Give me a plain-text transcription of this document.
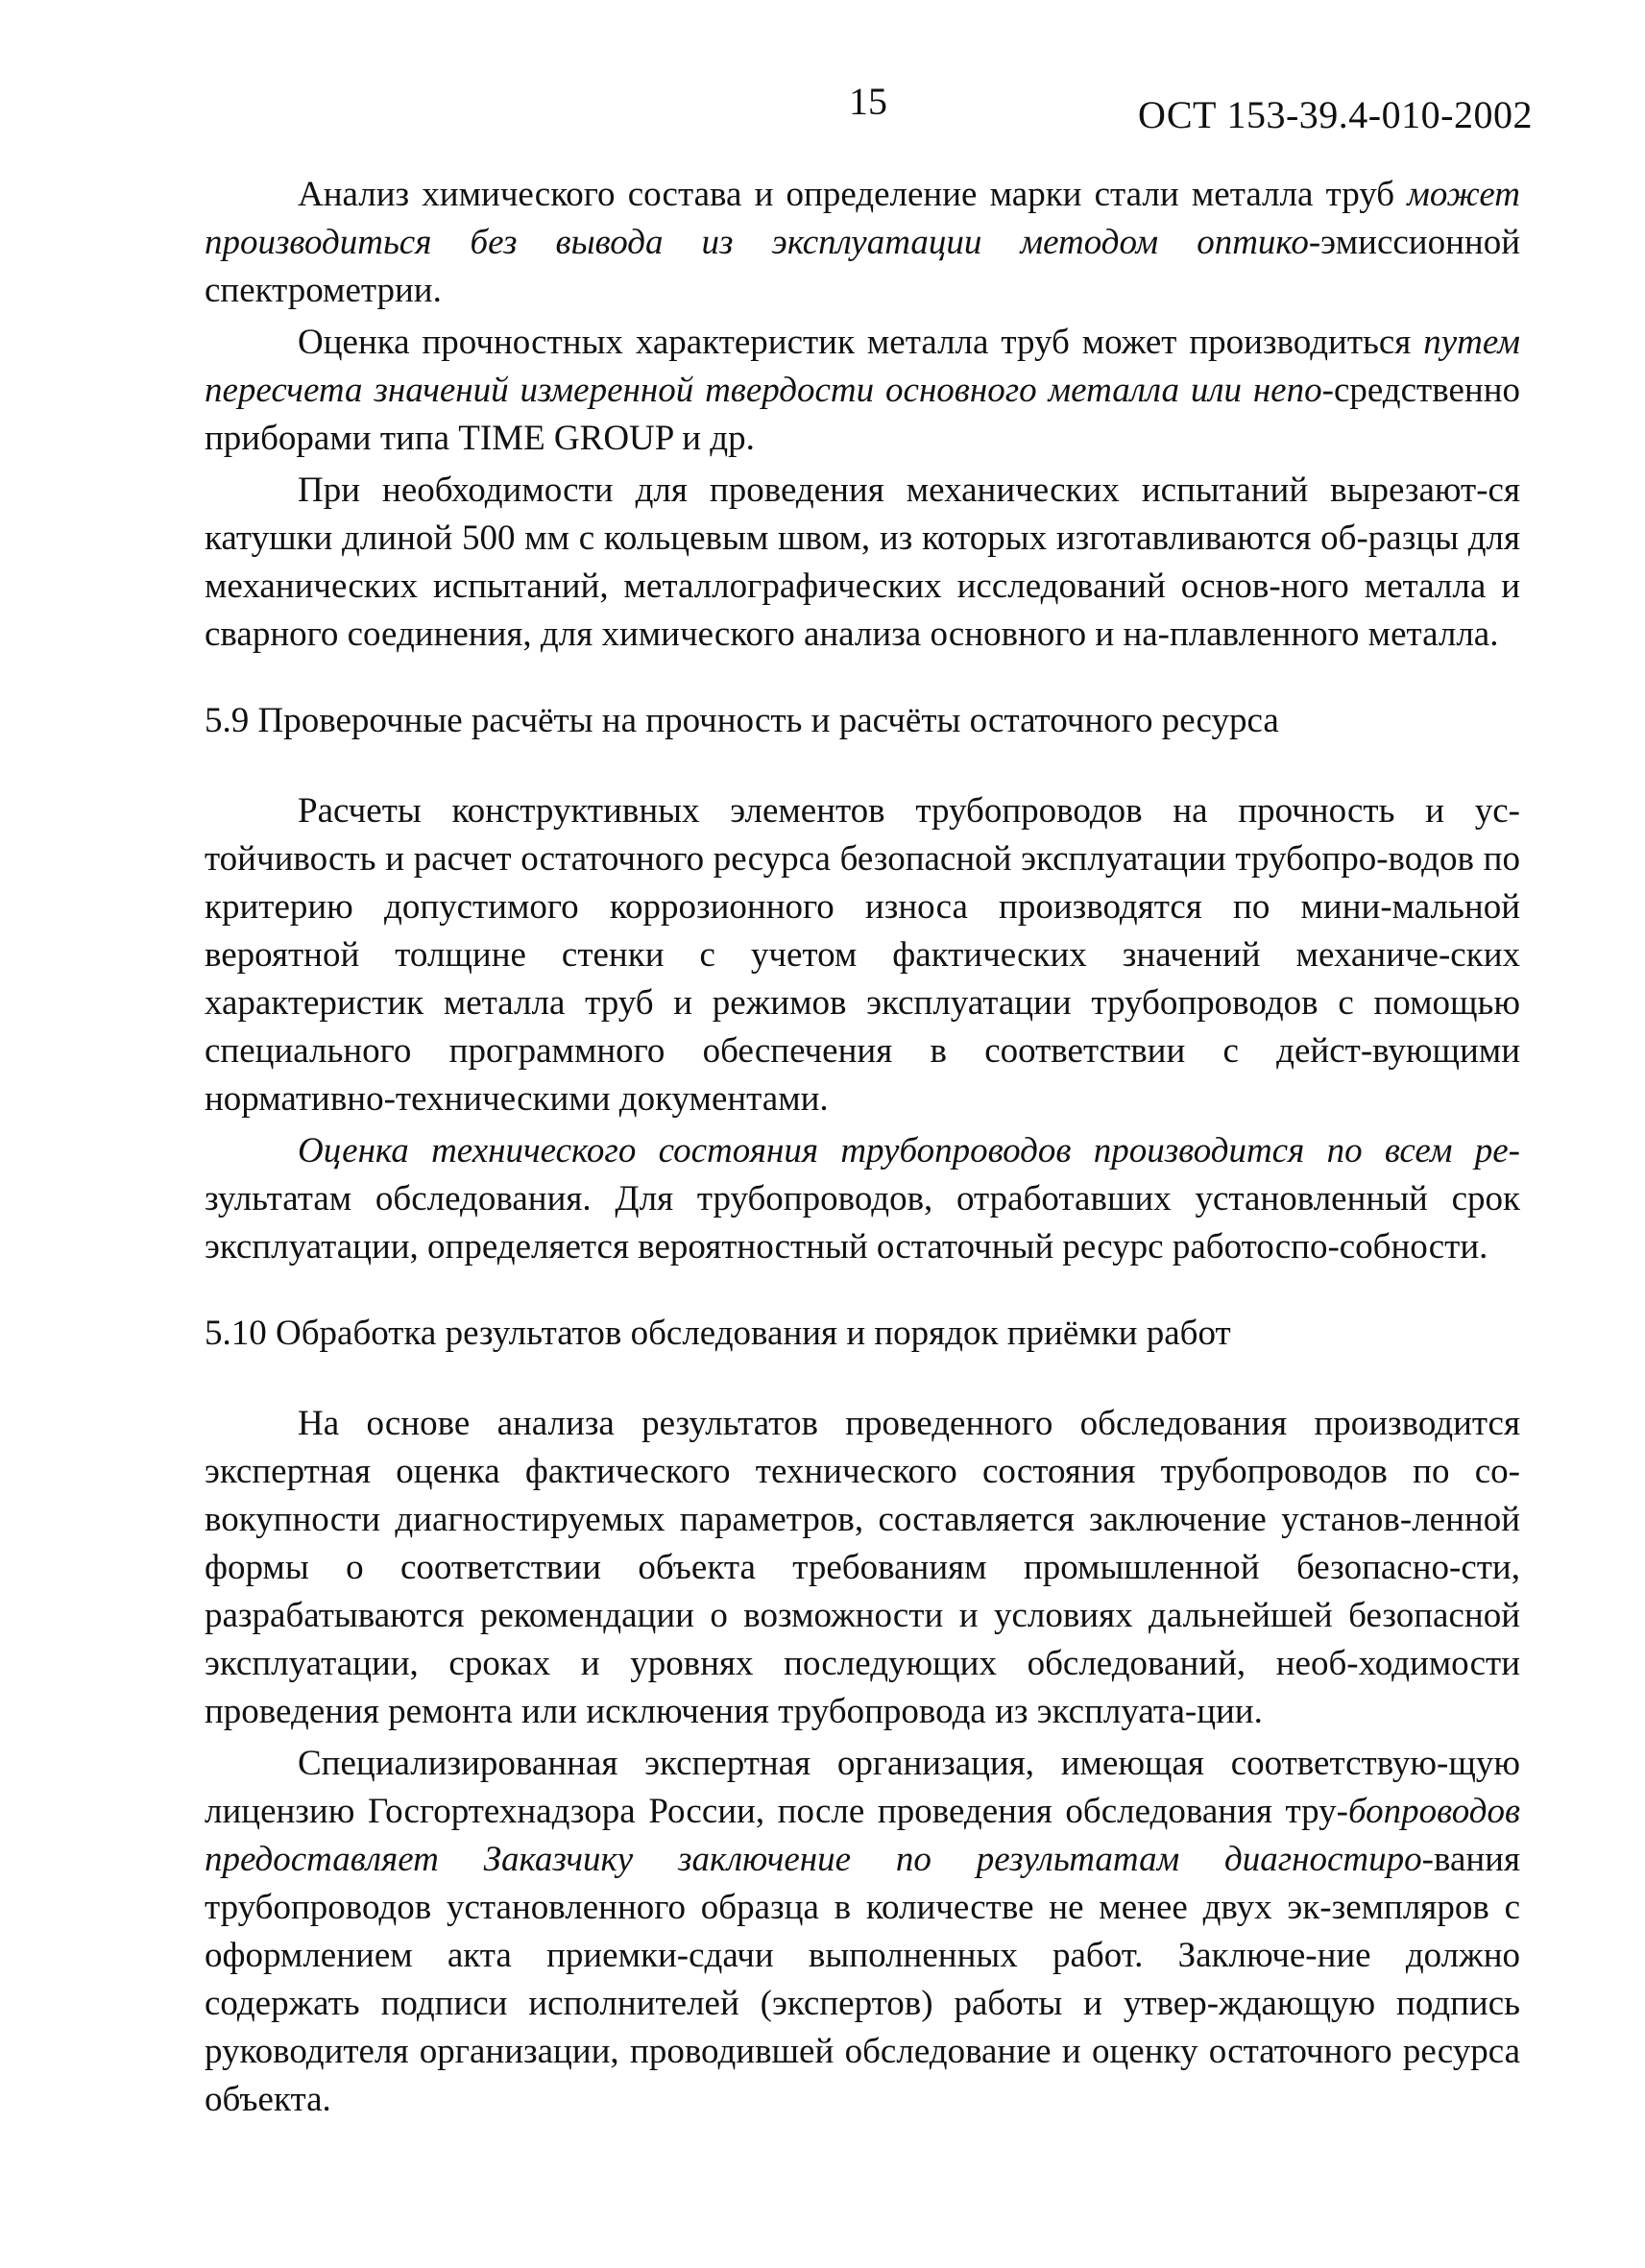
15	ОСТ 153-39.4-010-2002

Анализ химического состава и определение марки стали металла труб может производиться без вывода из эксплуатации методом оптико-эмиссионной спектрометрии.

Оценка прочностных характеристик металла труб может производиться путем пересчета значений измеренной твердости основного металла или непо-средственно приборами типа TIME GROUP и др.

При необходимости для проведения механических испытаний вырезают-ся катушки длиной 500 мм с кольцевым швом, из которых изготавливаются об-разцы для механических испытаний, металлографических исследований основ-ного металла и сварного соединения, для химического анализа основного и на-плавленного металла.

5.9 Проверочные расчёты на прочность и расчёты остаточного ресурса

Расчеты конструктивных элементов трубопроводов на прочность и ус-тойчивость и расчет остаточного ресурса безопасной эксплуатации трубопро-водов по критерию допустимого коррозионного износа производятся по мини-мальной вероятной толщине стенки с учетом фактических значений механиче-ских характеристик металла труб и режимов эксплуатации трубопроводов с помощью специального программного обеспечения в соответствии с дейст-вующими нормативно-техническими документами.

Оценка технического состояния трубопроводов производится по всем ре-зультатам обследования. Для трубопроводов, отработавших установленный срок эксплуатации, определяется вероятностный остаточный ресурс работоспо-собности.

5.10 Обработка результатов обследования и порядок приёмки работ

На основе анализа результатов проведенного обследования производится экспертная оценка фактического технического состояния трубопроводов по со-вокупности диагностируемых параметров, составляется заключение установ-ленной формы о соответствии объекта требованиям промышленной безопасно-сти, разрабатываются рекомендации о возможности и условиях дальнейшей безопасной эксплуатации, сроках и уровнях последующих обследований, необ-ходимости проведения ремонта или исключения трубопровода из эксплуата-ции.

Специализированная экспертная организация, имеющая соответствую-щую лицензию Госгортехнадзора России, после проведения обследования тру-бопроводов предоставляет Заказчику заключение по результатам диагностиро-вания трубопроводов установленного образца в количестве не менее двух эк-земпляров с оформлением акта приемки-сдачи выполненных работ. Заключе-ние должно содержать подписи исполнителей (экспертов) работы и утвер-ждающую подпись руководителя организации, проводившей обследование и оценку остаточного ресурса объекта.
